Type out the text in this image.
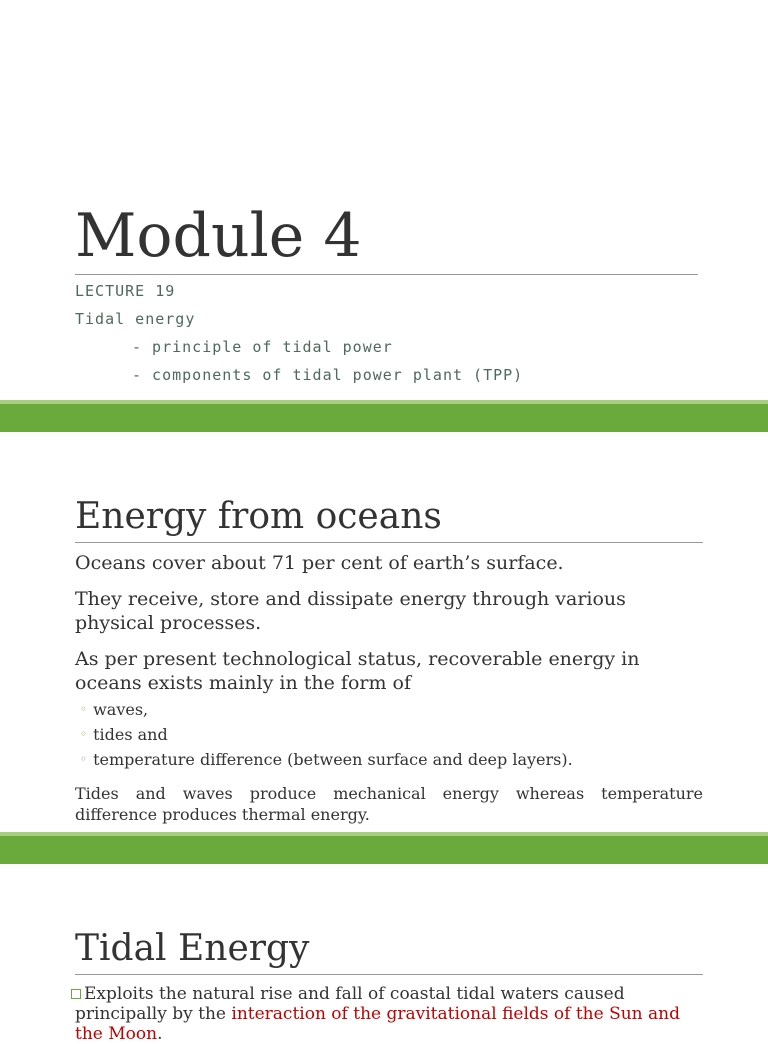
Module 4

LECTURE 19

Tidal energy

- principle of tidal power

- components of tidal power plant (TPP)

Energy from oceans

Oceans cover about 71 per cent of earth’s surface.

They receive, store and dissipate energy through various physical processes.

As per present technological status, recoverable energy in oceans exists mainly in the form of

◦ waves,

◦ tides and

◦ temperature difference (between surface and deep layers).

Tides and waves produce mechanical energy whereas temperature difference produces thermal energy.

Tidal Energy

Exploits the natural rise and fall of coastal tidal waters caused principally by the interaction of the gravitational fields of the Sun and the Moon.
